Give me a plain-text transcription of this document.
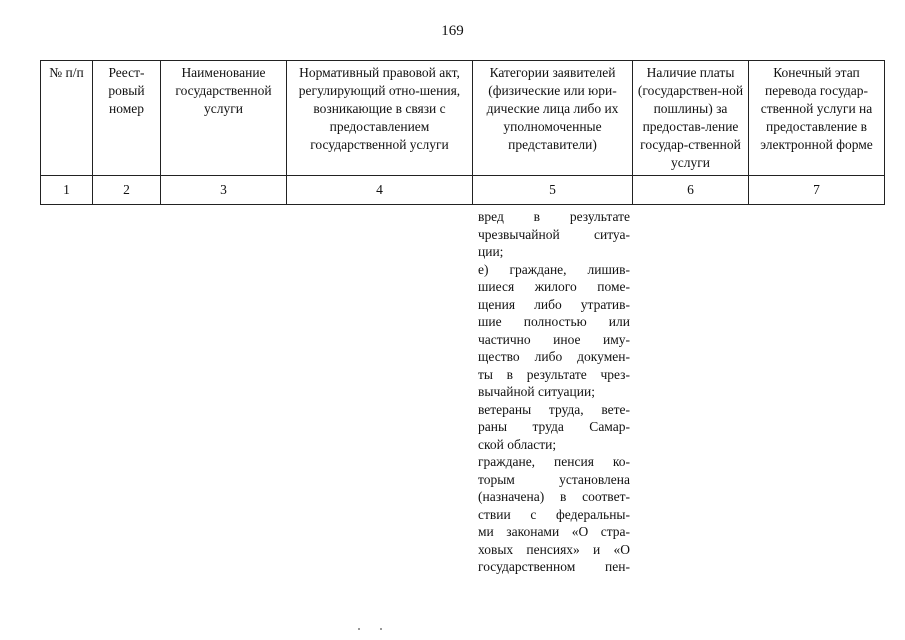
169
№ п/п	Реест-ровый номер	Наименование государственной услуги	Нормативный правовой акт, регулирующий отно-шения, возникающие в связи с предоставлением государственной услуги	Категории заявителей (физические или юри-дические лица либо их уполномоченные представители)	Наличие платы (государствен-ной пошлины) за предостав-ление государ-ственной услуги	Конечный этап перевода государ-ственной услуги на предоставление в электронной форме
1	2	3	4	5	6	7
вред в результате
чрезвычайной ситуа-
ции;
е) граждане, лишив-
шиеся жилого поме-
щения либо утратив-
шие полностью или
частично иное иму-
щество либо докумен-
ты в результате чрез-
вычайной ситуации;
ветераны труда, вете-
раны труда Самар-
ской области;
граждане, пенсия ко-
торым установлена
(назначена) в соответ-
ствии с федеральны-
ми законами «О стра-
ховых пенсиях» и «О
государственном пен-
